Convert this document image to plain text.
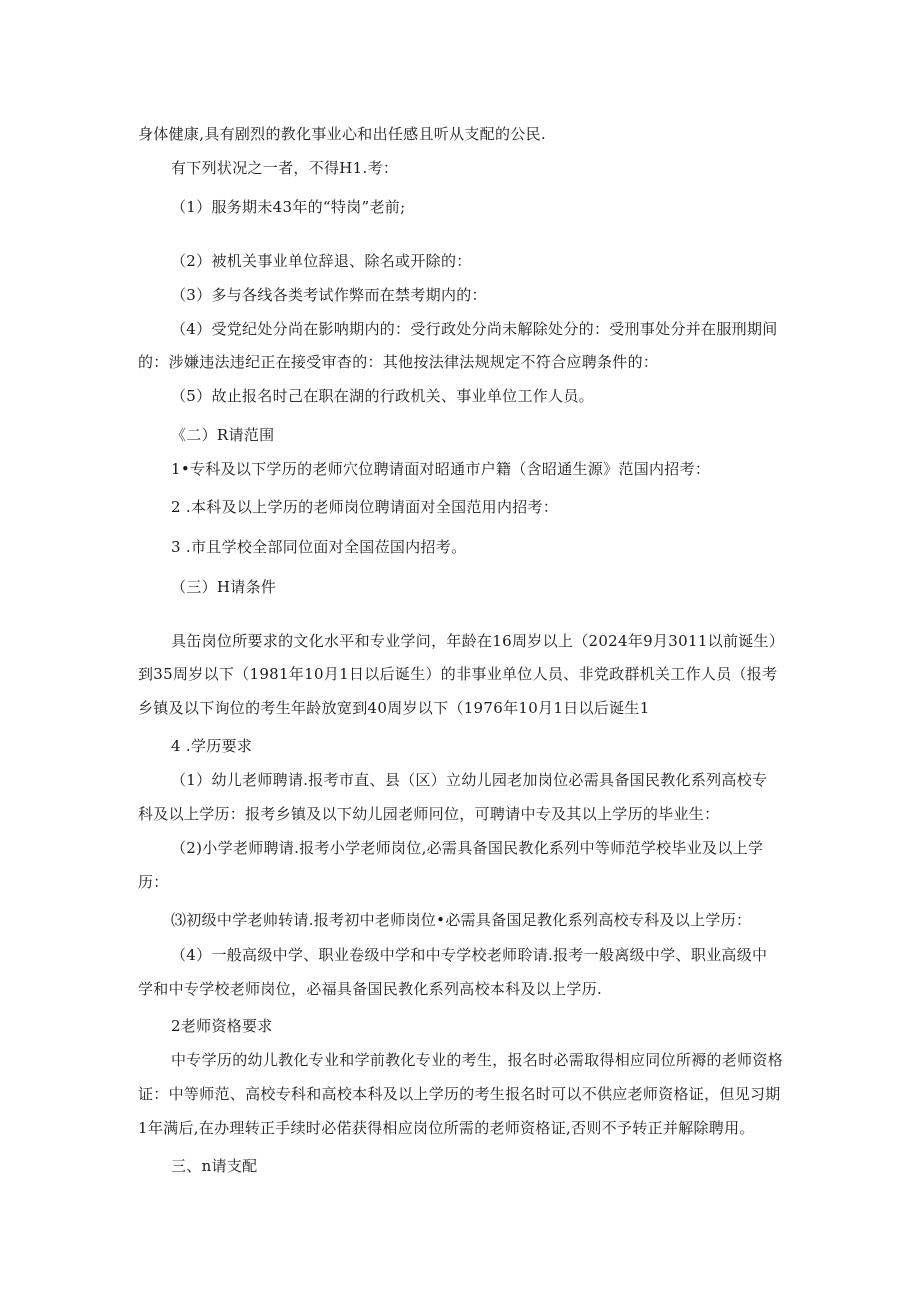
身体健康,具有剧烈的教化事业心和出任感且听从支配的公民.
有下列状况之一者，不得H1.考：
（1）服务期未43年的“特岗”老前;
（2）被机关事业单位辞退、除名或开除的：
（3）多与各线各类考试作弊而在禁考期内的：
（4）受党纪处分尚在影呐期内的：受行政处分尚未解除处分的：受刑事处分并在服刑期间
的：涉嫌违法违纪正在接受审杳的：其他按法律法规规定不符合应聘条件的：
（5）故止报名时己在职在湖的行政机关、事业单位工作人员。
《二）R请范围
1•专科及以下学历的老师穴位聘请面对昭通市户籍（含昭通生源》范国内招考：
2 .本科及以上学历的老师岗位聘请面对全国范用内招考：
3 .市且学校全部同位面对全国莅国内招考。
（三）H请条件
具缶岗位所要求的文化水平和专业学问，年龄在16周岁以上（2024年9月3011以前诞生）
到35周岁以下（1981年10月1日以后诞生）的非事业单位人员、非党政群机关工作人员（报考
乡镇及以下询位的考生年龄放宽到40周岁以下（1976年10月1日以后诞生1
4 .学历要求
（1）幼儿老师聘请.报考市直、县（区）立幼儿园老加岗位必需具备国民教化系列高校专
科及以上学历：报考乡镇及以下幼儿园老师冋位，可聘请中专及其以上学历的毕业生：
（2)小学老师聘请.报考小学老师岗位,必需具备国民教化系列中等师范学校毕业及以上学
历：
⑶初级中学老帅转请.报考初中老师岗位•必需具备国足教化系列高校专科及以上学历：
（4）一般高级中学、职业卷级中学和中专学校老师聆请.报考一般离级中学、职业高级中
学和中专学校老师岗位，必福具备国民教化系列高校本科及以上学历.
2老师资格要求
中专学历的幼儿教化专业和学前教化专业的考生，报名时必需取得相应同位所褥的老师资格
证：中等师范、高校专科和高校本科及以上学历的考生报名时可以不供应老师资格证，但见习期
1年满后,在办理转正手续时必偌获得相应岗位所需的老师资格证,否则不予转正并解除聘用。
三、n请支配
